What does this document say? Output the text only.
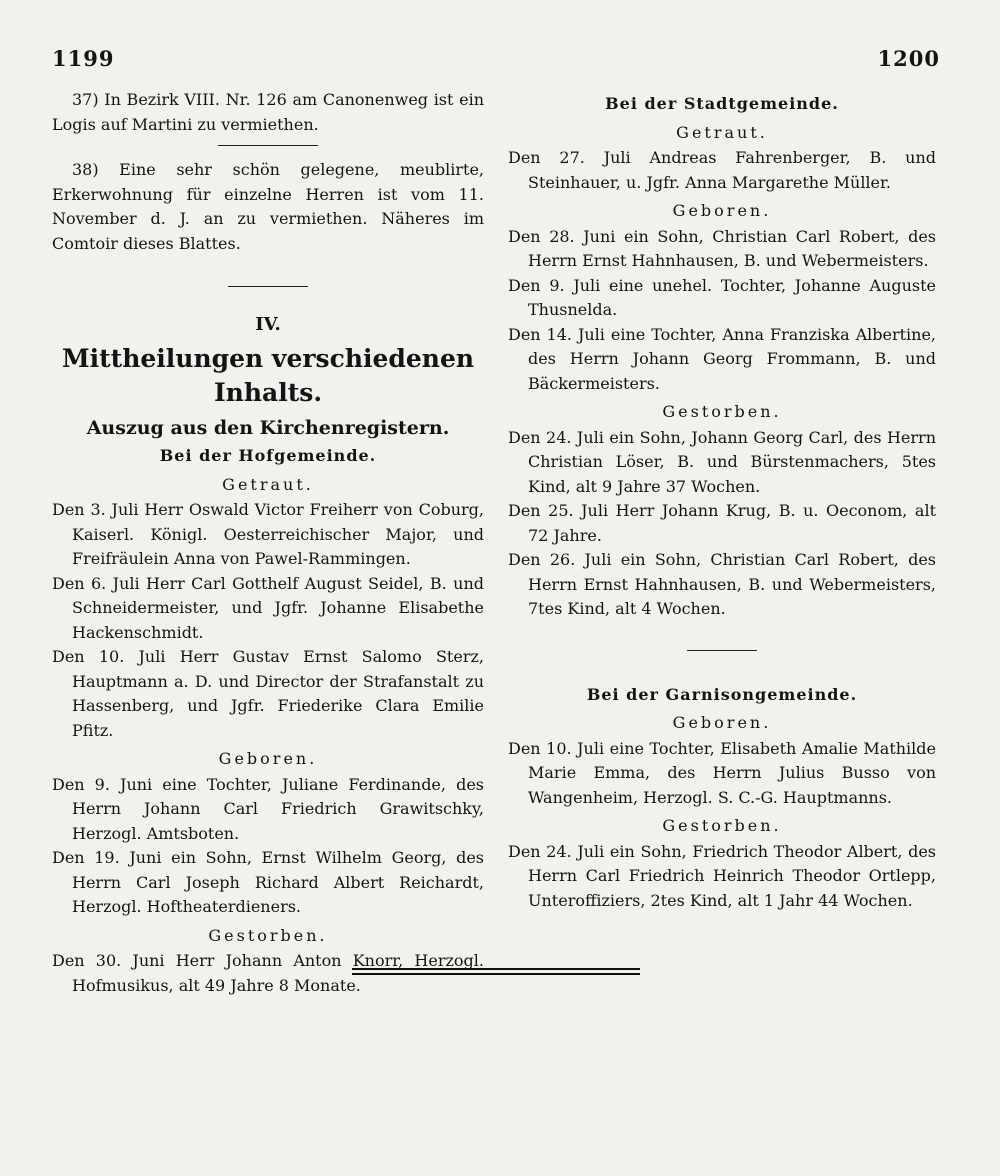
1199	1200

37) In Bezirk VIII. Nr. 126 am Canonenweg ist ein Logis auf Martini zu vermiethen.

38) Eine sehr schön gelegene, meublirte, Erkerwohnung für einzelne Herren ist vom 11. November d. J. an zu vermiethen. Näheres im Comtoir dieses Blattes.

IV.

Mittheilungen verschiedenen Inhalts.

Auszug aus den Kirchenregistern.

Bei der Hofgemeinde.

Getraut.

Den 3. Juli Herr Oswald Victor Freiherr von Coburg, Kaiserl. Königl. Oesterreichischer Major, und Freifräulein Anna von Pawel-Rammingen.

Den 6. Juli Herr Carl Gotthelf August Seidel, B. und Schneidermeister, und Jgfr. Johanne Elisabethe Hackenschmidt.

Den 10. Juli Herr Gustav Ernst Salomo Sterz, Hauptmann a. D. und Director der Strafanstalt zu Hassenberg, und Jgfr. Friederike Clara Emilie Pfitz.

Geboren.

Den 9. Juni eine Tochter, Juliane Ferdinande, des Herrn Johann Carl Friedrich Grawitschky, Herzogl. Amtsboten.

Den 19. Juni ein Sohn, Ernst Wilhelm Georg, des Herrn Carl Joseph Richard Albert Reichardt, Herzogl. Hoftheaterdieners.

Gestorben.

Den 30. Juni Herr Johann Anton Knorr, Herzogl. Hofmusikus, alt 49 Jahre 8 Monate.

Bei der Stadtgemeinde.

Getraut.

Den 27. Juli Andreas Fahrenberger, B. und Steinhauer, u. Jgfr. Anna Margarethe Müller.

Geboren.

Den 28. Juni ein Sohn, Christian Carl Robert, des Herrn Ernst Hahnhausen, B. und Webermeisters.

Den 9. Juli eine unehel. Tochter, Johanne Auguste Thusnelda.

Den 14. Juli eine Tochter, Anna Franziska Albertine, des Herrn Johann Georg Frommann, B. und Bäckermeisters.

Gestorben.

Den 24. Juli ein Sohn, Johann Georg Carl, des Herrn Christian Löser, B. und Bürstenmachers, 5tes Kind, alt 9 Jahre 37 Wochen.

Den 25. Juli Herr Johann Krug, B. u. Oeconom, alt 72 Jahre.

Den 26. Juli ein Sohn, Christian Carl Robert, des Herrn Ernst Hahnhausen, B. und Webermeisters, 7tes Kind, alt 4 Wochen.

Bei der Garnisongemeinde.

Geboren.

Den 10. Juli eine Tochter, Elisabeth Amalie Mathilde Marie Emma, des Herrn Julius Busso von Wangenheim, Herzogl. S. C.-G. Hauptmanns.

Gestorben.

Den 24. Juli ein Sohn, Friedrich Theodor Albert, des Herrn Carl Friedrich Heinrich Theodor Ortlepp, Unteroffiziers, 2tes Kind, alt 1 Jahr 44 Wochen.
